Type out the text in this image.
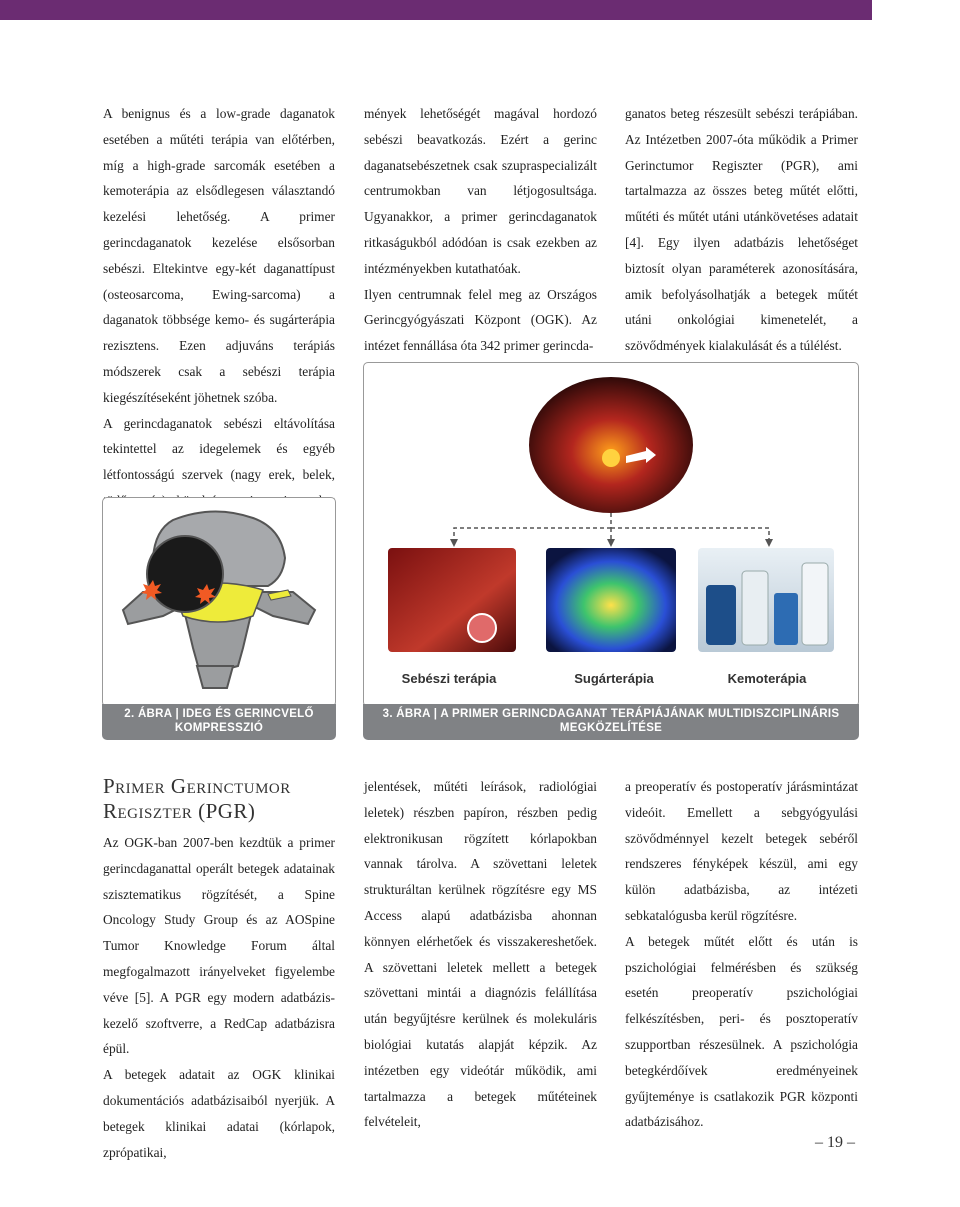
A benignus és a low-grade daganatok esetében a műtéti terápia van előtérben, míg a high-grade sarcomák esetében a kemoterápia az elsődlegesen választandó kezelési lehetőség. A primer gerincdaganatok kezelése elsősorban sebészi. Eltekintve egy-két daganattípust (osteosarcoma, Ewing-sarcoma) a daganatok többsége kemo- és sugárterápia rezisztens. Ezen adjuváns terápiás módszerek csak a sebészi terápia kiegészítéseként jöhetnek szóba.

A gerincdaganatok sebészi eltávolítása tekintettel az idegelemek és egyéb létfontosságú szervek (nagy erek, belek,

mények lehetőségét magával hordozó sebészi beavatkozás. Ezért a gerinc daganatsebészetnek csak szupraspecializált centrumokban van létjogosultsága. Ugyanakkor, a primer gerincdaganatok ritkaságukból adódóan is csak ezekben az intézményekben kutathatóak.

Ilyen centrumnak felel meg az Országos Gerincgyógyászati Központ (OGK). Az intézet fennállása óta 342 primer gerincda-

ganatos beteg részesült sebészi terápiában. Az Intézetben 2007-óta működik a Primer Gerinctumor Regiszter (PGR), ami tartalmazza az összes beteg műtét előtti, műtéti és műtét utáni utánkövetéses adatait [4]. Egy ilyen adatbázis lehetőséget biztosít olyan paraméterek azonosítására, amik befolyásolhatják a betegek műtét utáni onkológiai kimenetelét, a szövődmények kialakulását és a túlélést.

2. ÁBRA | IDEG ÉS GERINCVELŐ
KOMPRESSZIÓ
Sebészi terápia	Sugárterápia	Kemoterápia
3. ÁBRA | A PRIMER GERINCDAGANAT TERÁPIÁJÁNAK MULTIDISZCIPLINÁRIS
MEGKÖZELÍTÉSE
Primer Gerinctumor
Regiszter (PGR)

Az OGK-ban 2007-ben kezdtük a primer gerincdaganattal operált betegek adatainak szisztematikus rögzítését, a Spine Oncology Study Group és az AOSpine Tumor Knowledge Forum által megfogalmazott irányelveket figyelembe véve [5]. A PGR egy modern adatbázis-kezelő szoftverre, a RedCap adatbázisra épül.

A betegek adatait az OGK klinikai dokumentációs adatbázisaiból nyerjük. A betegek klinikai adatai (kórlapok, zprópatikai,

jelentések, műtéti leírások, radiológiai leletek) részben papíron, részben pedig elektronikusan rögzített kórlapokban vannak tárolva. A szövettani leletek strukturáltan kerülnek rögzítésre egy MS Access alapú adatbázisba ahonnan könnyen elérhetőek és visszakereshetőek. A szövettani leletek mellett a betegek szövettani mintái a diagnózis felállítása után begyűjtésre kerülnek és molekuláris biológiai kutatás alapját képzik. Az intézetben egy videótár működik, ami tartalmazza a betegek műtéteinek felvételeit,

a preoperatív és postoperatív járásmintázat videóit. Emellett a sebgyógyulási szövődménnyel kezelt betegek sebéről rendszeres fényképek készül, ami egy külön adatbázisba, az intézeti sebkatalógusba kerül rögzítésre.

A betegek műtét előtt és után is pszichológiai felmérésben és szükség esetén preoperatív pszichológiai felkészítésben, peri- és posztoperatív szupportban részesülnek. A pszichológia betegkérdőívek eredményeinek gyűjteménye is csatlakozik PGR központi adatbázisához.

– 19 –
